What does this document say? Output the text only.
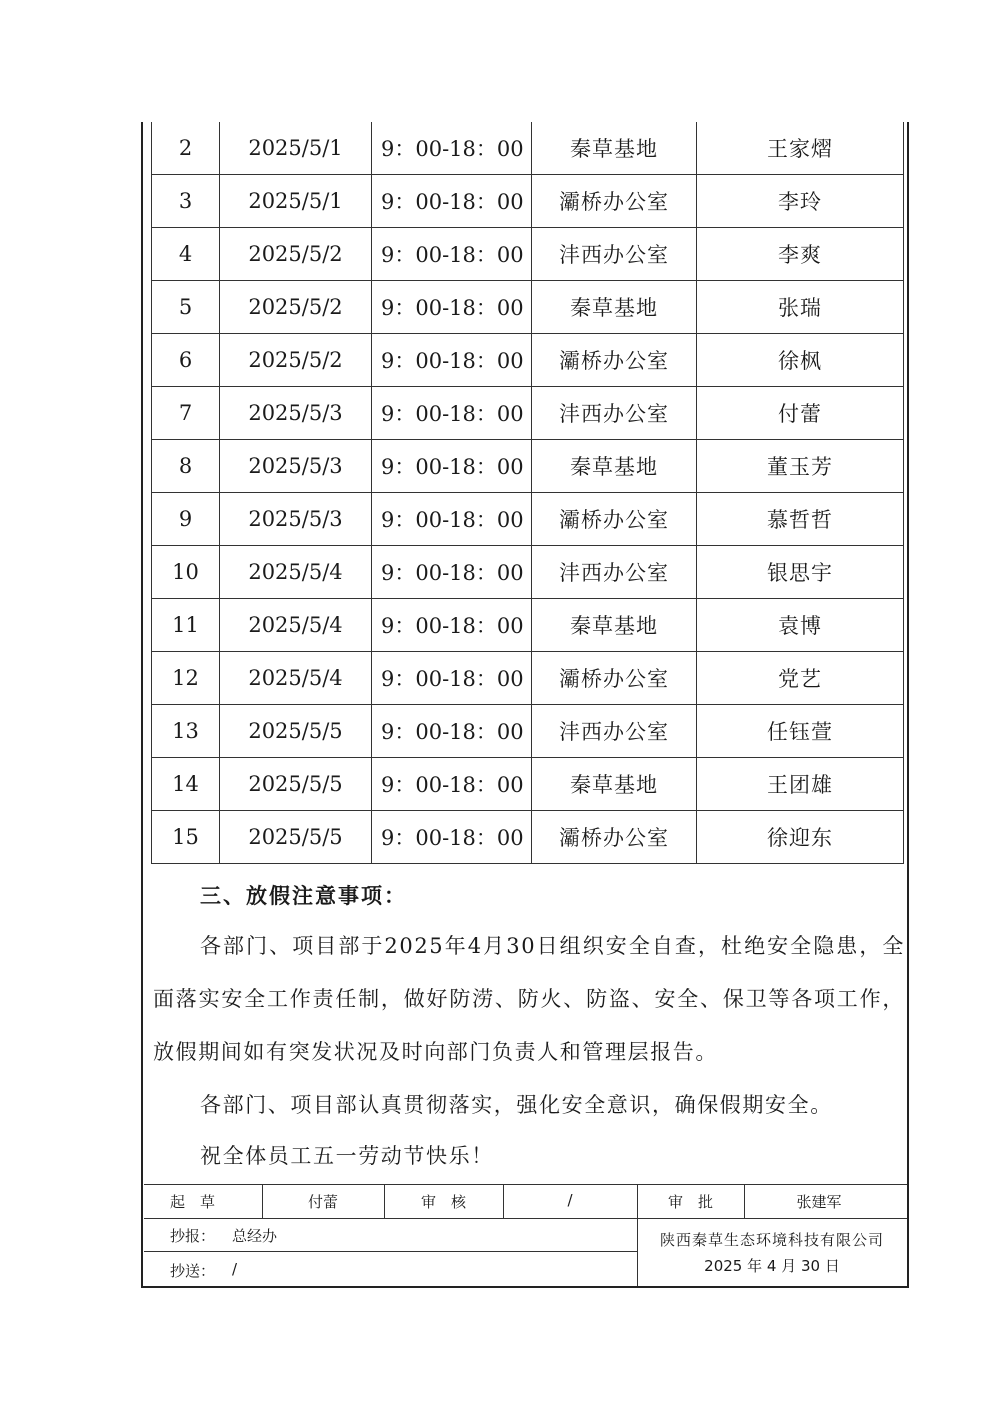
2	2025/5/1	9：00-18：00	秦草基地	王家熠
3	2025/5/1	9：00-18：00	灞桥办公室	李玲
4	2025/5/2	9：00-18：00	沣西办公室	李爽
5	2025/5/2	9：00-18：00	秦草基地	张瑞
6	2025/5/2	9：00-18：00	灞桥办公室	徐枫
7	2025/5/3	9：00-18：00	沣西办公室	付蕾
8	2025/5/3	9：00-18：00	秦草基地	董玉芳
9	2025/5/3	9：00-18：00	灞桥办公室	慕哲哲
10	2025/5/4	9：00-18：00	沣西办公室	银思宇
11	2025/5/4	9：00-18：00	秦草基地	袁博
12	2025/5/4	9：00-18：00	灞桥办公室	党艺
13	2025/5/5	9：00-18：00	沣西办公室	任钰萱
14	2025/5/5	9：00-18：00	秦草基地	王团雄
15	2025/5/5	9：00-18：00	灞桥办公室	徐迎东
三、放假注意事项：
各部门、项目部于2025年4月30日组织安全自查，杜绝安全隐患，全面落实安全工作责任制，做好防涝、防火、防盗、安全、保卫等各项工作，放假期间如有突发状况及时向部门负责人和管理层报告。
各部门、项目部认真贯彻落实，强化安全意识，确保假期安全。
祝全体员工五一劳动节快乐！
起　草	付蕾	审　核	/	审　批	张建军
抄报： 总经办	陕西秦草生态环境科技有限公司
抄送： /	2025 年 4 月 30 日
